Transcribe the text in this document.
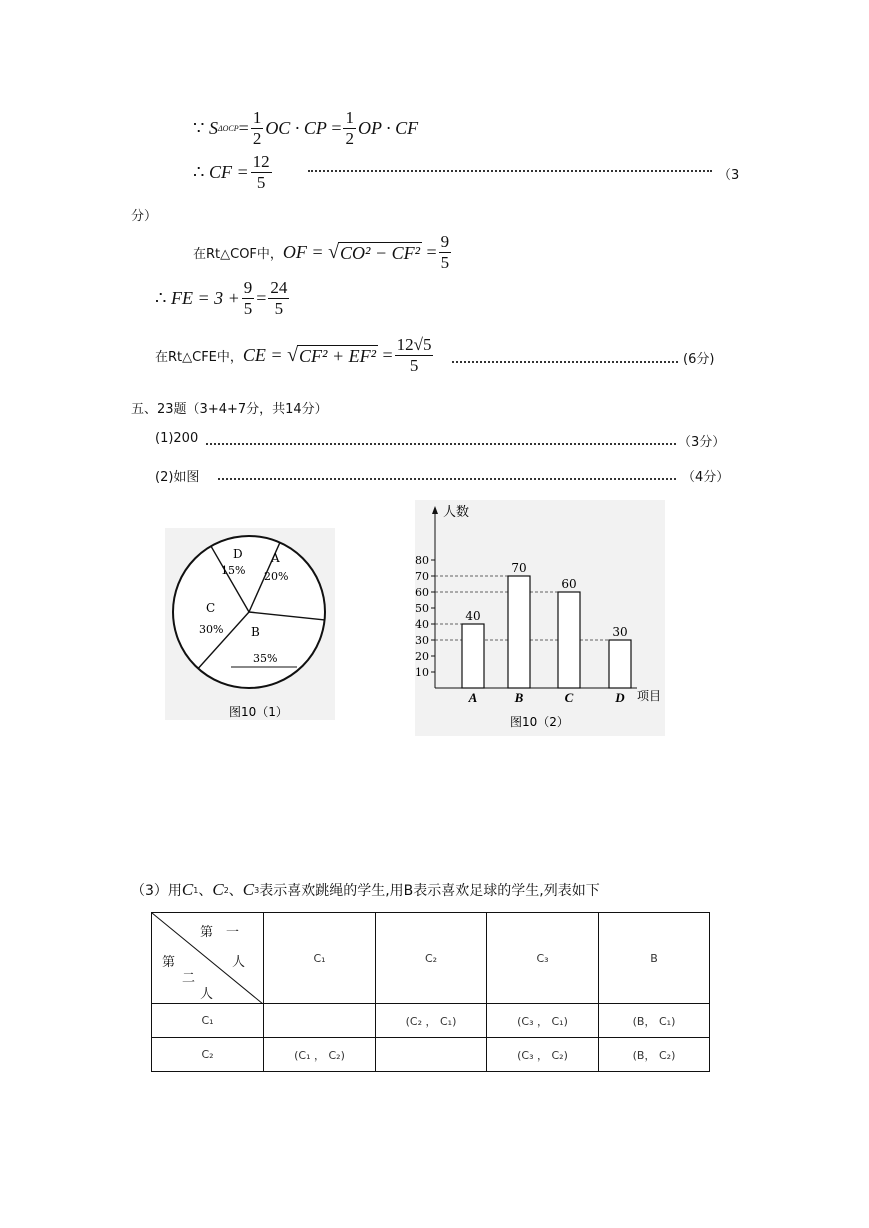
∵
S $\Delta OCP = \frac{1}{2}$ OC · CP
= $\frac{1}{2}$ OP · CF
∴
CF = $\frac{12}{5}$	（3
分）
在Rt△COF中， OF =
√ CO² − CF²
= $\frac{9}{5}$
∴
FE = $3 + \frac{9}{5} = \frac{24}{5}$
在Rt△CFE中， CE =
√ CF² + EF²
= $\frac{12√5}{5}$	(6分)
五、23题（3+4+7分，共14分）
(1)200	（3分）
(2)如图	（4分）
D
15%
A
20%
C
30% B
35%
图10（1）
10
20
30
40
50
60
70
80
40
A
70
B
60
C
30
D
人数
项目
图10（2）
（3）用 C 1 、 C 2 、 C 3 表示喜欢跳绳的学生,用B表示喜欢足球的学生,列表如下
第　一
人
第
二
人	C₁	C₂	C₃	B
C₁		(C₂ ， C₁)	(C₃ ， C₁)	(B， C₁)
C₂	(C₁ ， C₂)		(C₃ ， C₂)	(B， C₂)
